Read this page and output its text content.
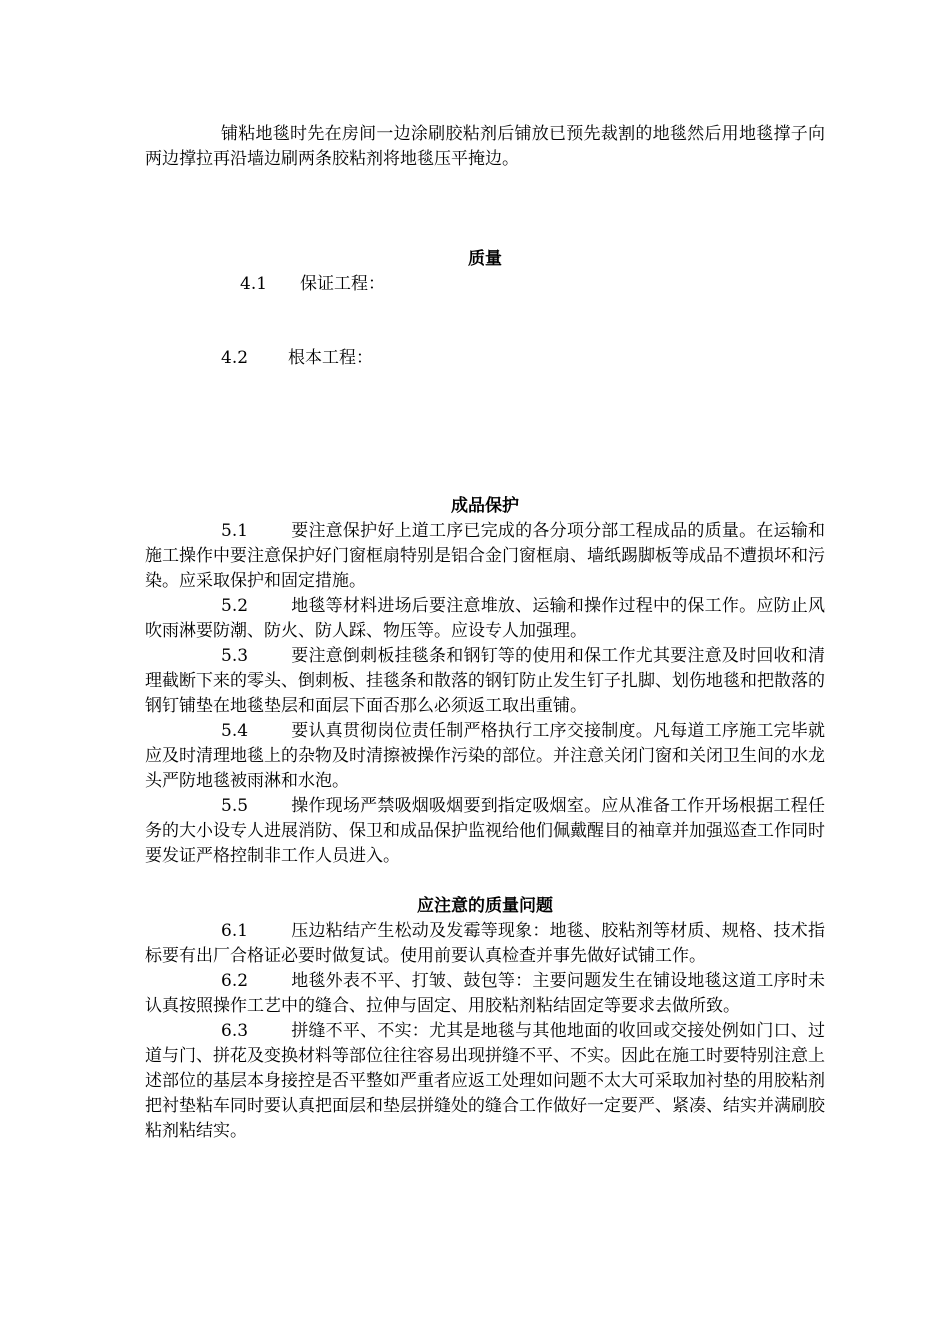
铺粘地毯时先在房间一边涂刷胶粘剂后铺放已预先裁割的地毯然后用地毯撑子向两边撑拉再沿墙边刷两条胶粘剂将地毯压平掩边。

质量

4.1 保证工程：

4.2 根本工程：

成品保护

5.1	要注意保护好上道工序已完成的各分项分部工程成品的质量。在运输和施工操作中要注意保护好门窗框扇特别是铝合金门窗框扇、墙纸踢脚板等成品不遭损坏和污染。应采取保护和固定措施。

5.2	地毯等材料进场后要注意堆放、运输和操作过程中的保工作。应防止风吹雨淋要防潮、防火、防人踩、物压等。应设专人加强理。

5.3	要注意倒刺板挂毯条和钢钉等的使用和保工作尤其要注意及时回收和清理截断下来的零头、倒刺板、挂毯条和散落的钢钉防止发生钉子扎脚、划伤地毯和把散落的钢钉铺垫在地毯垫层和面层下面否那么必须返工取出重铺。

5.4	要认真贯彻岗位责任制严格执行工序交接制度。凡每道工序施工完毕就应及时清理地毯上的杂物及时清擦被操作污染的部位。并注意关闭门窗和关闭卫生间的水龙头严防地毯被雨淋和水泡。

5.5	操作现场严禁吸烟吸烟要到指定吸烟室。应从准备工作开场根据工程任务的大小设专人进展消防、保卫和成品保护监视给他们佩戴醒目的袖章并加强巡查工作同时要发证严格控制非工作人员进入。

应注意的质量问题

6.1	压边粘结产生松动及发霉等现象：地毯、胶粘剂等材质、规格、技术指标要有出厂合格证必要时做复试。使用前要认真检查并事先做好试铺工作。

6.2	地毯外表不平、打皱、鼓包等：主要问题发生在铺设地毯这道工序时未认真按照操作工艺中的缝合、拉伸与固定、用胶粘剂粘结固定等要求去做所致。

6.3	拼缝不平、不实：尤其是地毯与其他地面的收回或交接处例如门口、过道与门、拼花及变换材料等部位往往容易出现拼缝不平、不实。因此在施工时要特别注意上述部位的基层本身接控是否平整如严重者应返工处理如问题不太大可采取加衬垫的用胶粘剂把衬垫粘车同时要认真把面层和垫层拼缝处的缝合工作做好一定要严、紧凑、结实并满刷胶粘剂粘结实。
